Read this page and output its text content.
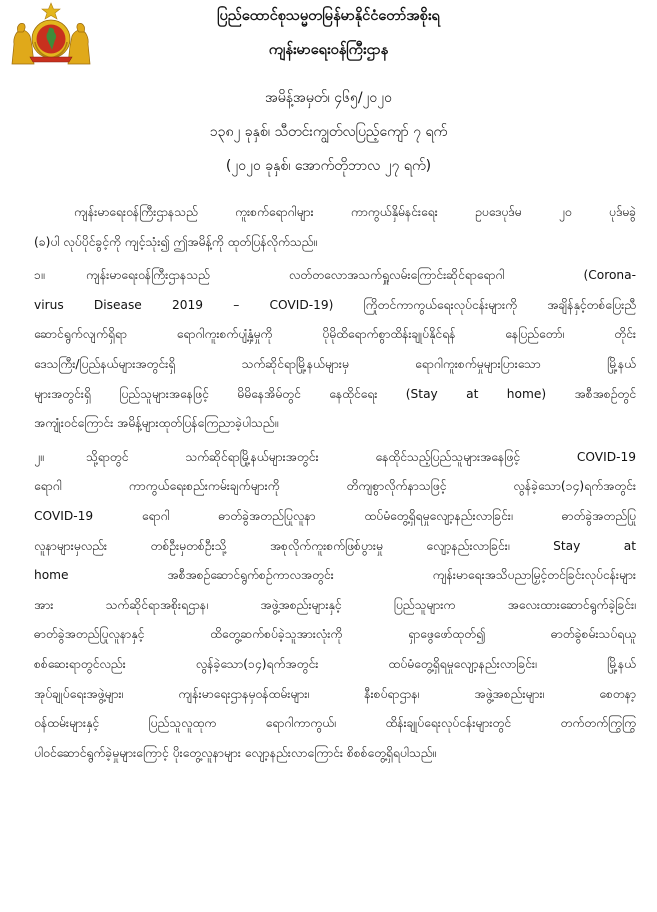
ပြည်ထောင်စုသမ္မတမြန်မာနိုင်ငံတော်အစိုးရ
ကျန်းမာရေးဝန်ကြီးဌာန
အမိန့်အမှတ်၊ ၄၆၅/၂၀၂၀
၁၃၈၂ ခုနှစ်၊ သီတင်းကျွတ်လပြည့်ကျော် ၇ ရက်
(၂၀၂၀ ခုနှစ်၊ အောက်တိုဘာလ ၂၇ ရက်)
ကျန်းမာရေးဝန်ကြီးဌာနသည် ကူးစက်ရောဂါများ ကာကွယ်နှိမ်နင်းရေး ဥပဒေပုဒ်မ ၂၀ ပုဒ်မခွဲ
(ခ)ပါ လုပ်ပိုင်ခွင့်ကို ကျင့်သုံး၍ ဤအမိန့်ကို ထုတ်ပြန်လိုက်သည်။
၁။	ကျန်းမာရေးဝန်ကြီးဌာနသည် လတ်တလောအသက်ရှူလမ်းကြောင်းဆိုင်ရာရောဂါ (Corona-
virus Disease 2019 – COVID-19) ကြိုတင်ကာကွယ်ရေးလုပ်ငန်းများကို အချိန်နှင့်တစ်ပြေးညီ
ဆောင်ရွက်လျက်ရှိရာ ရောဂါကူးစက်ပျံ့နှံ့မှုကို ပိုမိုထိရောက်စွာထိန်းချုပ်နိုင်ရန် နေပြည်တော်၊ တိုင်း
ဒေသကြီး/ပြည်နယ်များအတွင်းရှိ သက်ဆိုင်ရာမြို့နယ်များမှ ရောဂါကူးစက်မှုများပြားသော မြို့နယ်
များအတွင်းရှိ ပြည်သူများအနေဖြင့် မိမိနေအိမ်တွင် နေထိုင်ရေး (Stay at home) အစီအစဉ်တွင်
အကျုံးဝင်ကြောင်း အမိန့်များထုတ်ပြန်ကြေညာခဲ့ပါသည်။
၂။	သို့ရာတွင် သက်ဆိုင်ရာမြို့နယ်များအတွင်း နေထိုင်သည့်ပြည်သူများအနေဖြင့် COVID-19
ရောဂါ ကာကွယ်ရေးစည်းကမ်းချက်များကို တိကျစွာလိုက်နာသဖြင့် လွန်ခဲ့သော(၁၄)ရက်အတွင်း
COVID-19 ရောဂါ ဓာတ်ခွဲအတည်ပြုလူနာ ထပ်မံတွေ့ရှိရမှုလျော့နည်းလာခြင်း၊ ဓာတ်ခွဲအတည်ပြု
လူနာများမှလည်း တစ်ဦးမှတစ်ဦးသို့ အစုလိုက်ကူးစက်ဖြစ်ပွားမှု လျော့နည်းလာခြင်း၊ Stay at
home အစီအစဉ်ဆောင်ရွက်စဉ်ကာလအတွင်း ကျန်းမာရေးအသိပညာမြှင့်တင်ခြင်းလုပ်ငန်းများ
အား သက်ဆိုင်ရာအစိုးရဌာန၊ အဖွဲ့အစည်းများနှင့် ပြည်သူများက အလေးထားဆောင်ရွက်ခဲ့ခြင်း၊
ဓာတ်ခွဲအတည်ပြုလူနာနှင့် ထိတွေ့ဆက်စပ်ခဲ့သူအားလုံးကို ရှာဖွေဖော်ထုတ်၍ ဓာတ်ခွဲစမ်းသပ်ရယူ
စစ်ဆေးရာတွင်လည်း လွန်ခဲ့သော(၁၄)ရက်အတွင်း ထပ်မံတွေ့ရှိရမှုလျော့နည်းလာခြင်း၊ မြို့နယ်
အုပ်ချုပ်ရေးအဖွဲ့များ၊ ကျန်းမာရေးဌာနမှဝန်ထမ်းများ၊ နီးစပ်ရာဌာန၊ အဖွဲ့အစည်းများ၊ စေတနာ့
ဝန်ထမ်းများနှင့် ပြည်သူလူထုက ရောဂါကာကွယ်၊ ထိန်းချုပ်ရေးလုပ်ငန်းများတွင် တက်တက်ကြွကြွ
ပါဝင်ဆောင်ရွက်ခဲ့မှုများကြောင့် ပိုးတွေ့လူနာများ လျော့နည်းလာကြောင်း စိစစ်တွေ့ရှိရပါသည်။
